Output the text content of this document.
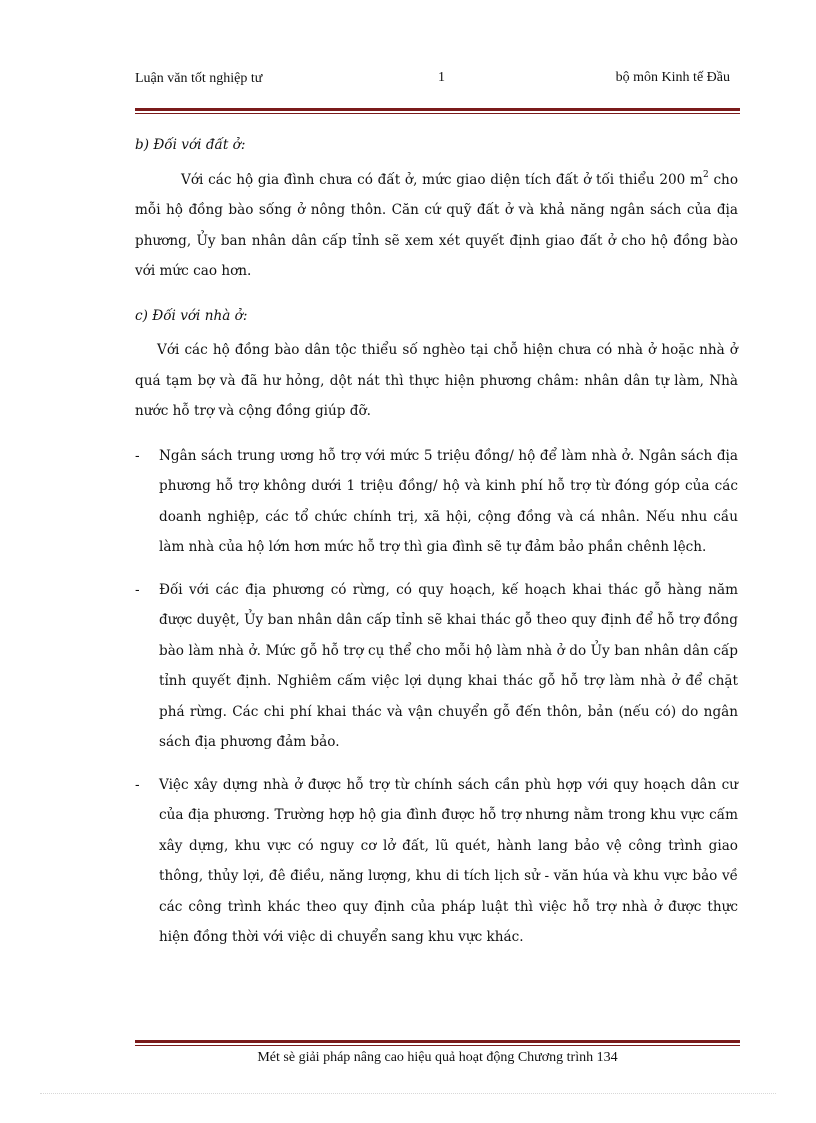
Luận văn tốt nghiệp tư	1	bộ môn Kinh tế Đầu

b) Đối với đất ở:

Với các hộ gia đình chưa có đất ở, mức giao diện tích đất ở tối thiểu 200 $m^2$ cho mỗi hộ đồng bào sống ở nông thôn. Căn cứ quỹ đất ở và khả năng ngân sách của địa phương, Ủy ban nhân dân cấp tỉnh sẽ xem xét quyết định giao đất ở cho hộ đồng bào với mức cao hơn.

c) Đối với nhà ở:

Với các hộ đồng bào dân tộc thiểu số nghèo tại chỗ hiện chưa có nhà ở hoặc nhà ở quá tạm bợ và đã hư hỏng, dột nát thì thực hiện phương châm: nhân dân tự làm, Nhà nước hỗ trợ và cộng đồng giúp đỡ.

- Ngân sách trung ương hỗ trợ với mức 5 triệu đồng/ hộ để làm nhà ở. Ngân sách địa phương hỗ trợ không dưới 1 triệu đồng/ hộ và kinh phí hỗ trợ từ đóng góp của các doanh nghiệp, các tổ chức chính trị, xã hội, cộng đồng và cá nhân. Nếu nhu cầu làm nhà của hộ lớn hơn mức hỗ trợ thì gia đình sẽ tự đảm bảo phần chênh lệch.
- Đối với các địa phương có rừng, có quy hoạch, kế hoạch khai thác gỗ hàng năm được duyệt, Ủy ban nhân dân cấp tỉnh sẽ khai thác gỗ theo quy định để hỗ trợ đồng bào làm nhà ở. Mức gỗ hỗ trợ cụ thể cho mỗi hộ làm nhà ở do Ủy ban nhân dân cấp tỉnh quyết định. Nghiêm cấm việc lợi dụng khai thác gỗ hỗ trợ làm nhà ở để chặt phá rừng. Các chi phí khai thác và vận chuyển gỗ đến thôn, bản (nếu có) do ngân sách địa phương đảm bảo.
- Việc xây dựng nhà ở được hỗ trợ từ chính sách cần phù hợp với quy hoạch dân cư của địa phương. Trường hợp hộ gia đình được hỗ trợ nhưng nằm trong khu vực cấm xây dựng, khu vực có nguy cơ lở đất, lũ quét, hành lang bảo vệ công trình giao thông, thủy lợi, đê điều, năng lượng, khu di tích lịch sử - văn húa và khu vực bảo về các công trình khác theo quy định của pháp luật thì việc hỗ trợ nhà ở được thực hiện đồng thời với việc di chuyển sang khu vực khác.
Mét sè giải pháp nâng cao hiệu quả hoạt động Chương trình 134
